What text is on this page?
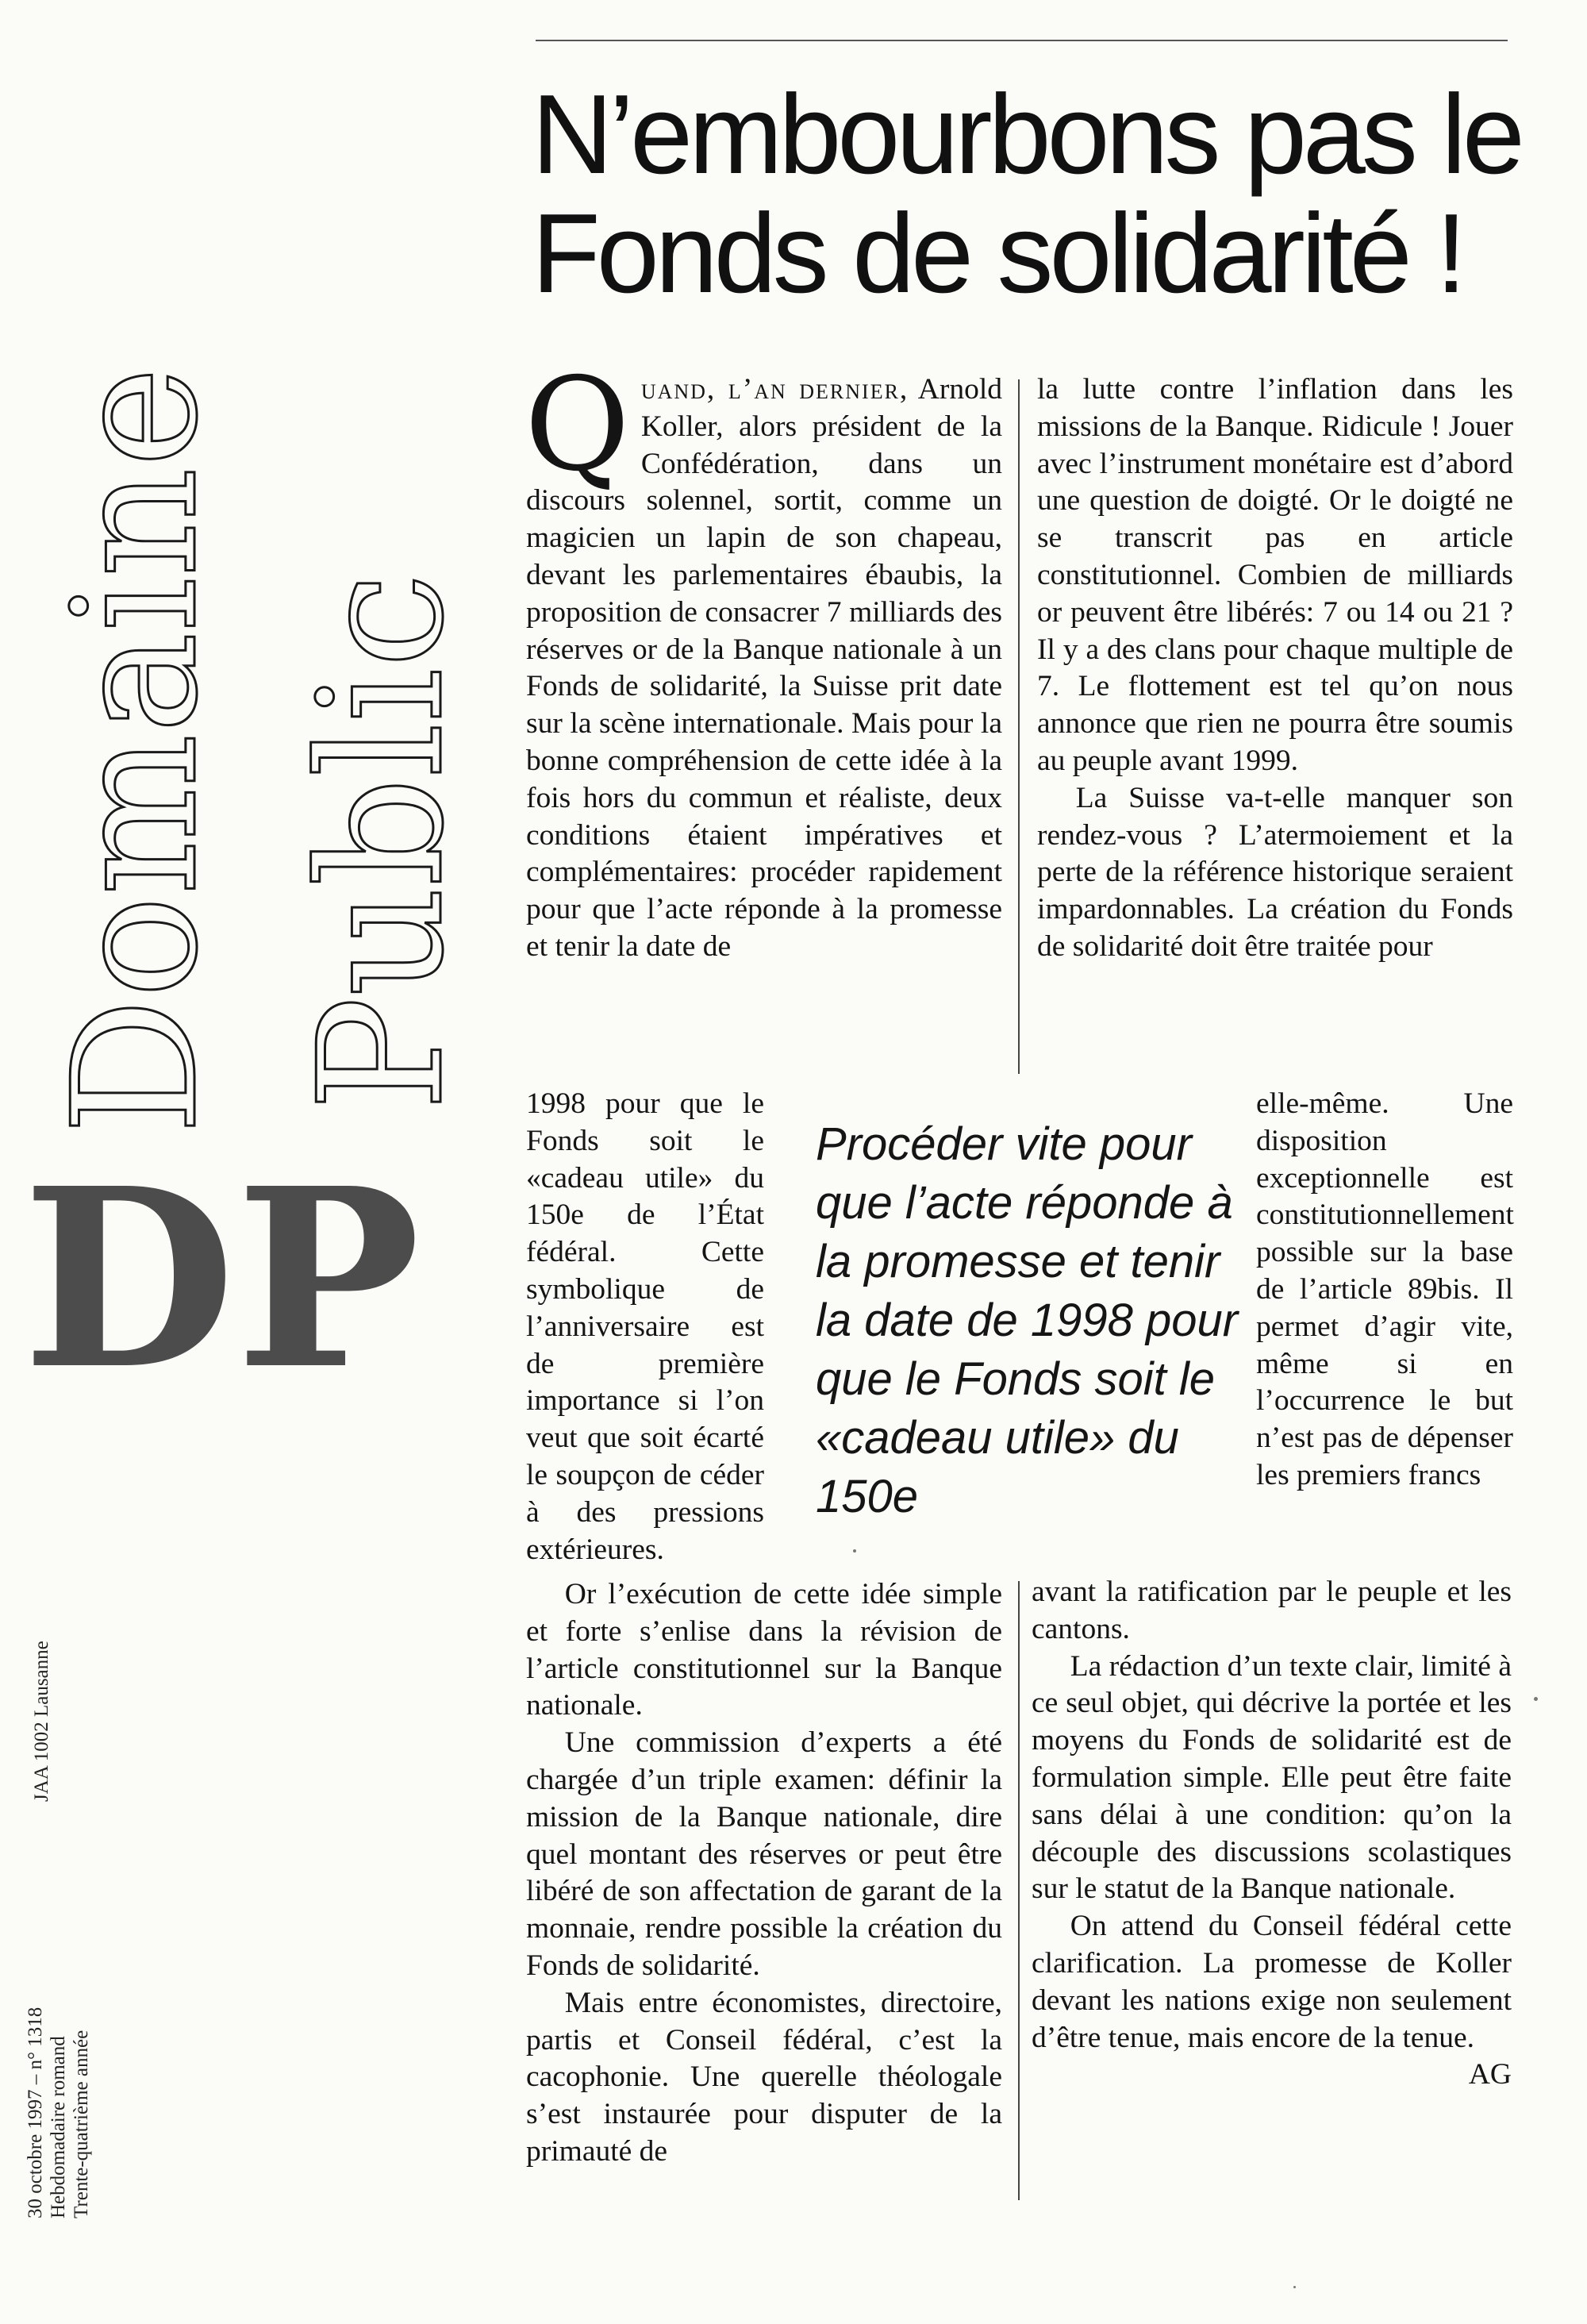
Domaine Public
DP
JAA 1002 Lausanne
30 octobre 1997 – n° 1318 Hebdomadaire romand Trente-quatrième année
N’embourbons pas le Fonds de solidarité !

Quand, l’an dernier, Arnold Koller, alors président de la Confédération, dans un discours solennel, sortit, comme un magicien un lapin de son chapeau, devant les parlementaires ébaubis, la proposition de consacrer 7 milliards des réserves or de la Banque nationale à un Fonds de solidarité, la Suisse prit date sur la scène internationale. Mais pour la bonne compréhension de cette idée à la fois hors du commun et réaliste, deux conditions étaient impératives et complémentaires: procéder rapidement pour que l’acte réponde à la promesse et tenir la date de

1998 pour que le Fonds soit le «cadeau utile» du 150e de l’État fédéral. Cette symbolique de l’anniversaire est de première importance si l’on veut que soit écarté le soupçon de céder à des pressions extérieures.

Or l’exécution de cette idée simple et forte s’enlise dans la révision de l’article constitutionnel sur la Banque nationale.

Une commission d’experts a été chargée d’un triple examen: définir la mission de la Banque nationale, dire quel montant des réserves or peut être libéré de son affectation de garant de la monnaie, rendre possible la création du Fonds de solidarité.

Mais entre économistes, directoire, partis et Conseil fédéral, c’est la cacophonie. Une querelle théologale s’est instaurée pour disputer de la primauté de

la lutte contre l’inflation dans les missions de la Banque. Ridicule ! Jouer avec l’instrument monétaire est d’abord une question de doigté. Or le doigté ne se transcrit pas en article constitutionnel. Combien de milliards or peuvent être libérés: 7 ou 14 ou 21 ? Il y a des clans pour chaque multiple de 7. Le flottement est tel qu’on nous annonce que rien ne pourra être soumis au peuple avant 1999.

La Suisse va-t-elle manquer son rendez-vous ? L’atermoiement et la perte de la référence historique seraient impardonnables. La création du Fonds de solidarité doit être traitée pour

elle-même. Une disposition exceptionnelle est constitutionnellement possible sur la base de l’article 89bis. Il permet d’agir vite, même si en l’occurrence le but n’est pas de dépenser les premiers francs

avant la ratification par le peuple et les cantons.

La rédaction d’un texte clair, limité à ce seul objet, qui décrive la portée et les moyens du Fonds de solidarité est de formulation simple. Elle peut être faite sans délai à une condition: qu’on la découple des discussions scolastiques sur le statut de la Banque nationale.

On attend du Conseil fédéral cette clarification. La promesse de Koller devant les nations exige non seulement d’être tenue, mais encore de la tenue.

AG

Procéder vite pour que l’acte réponde à la promesse et tenir la date de 1998 pour que le Fonds soit le «cadeau utile» du 150e
